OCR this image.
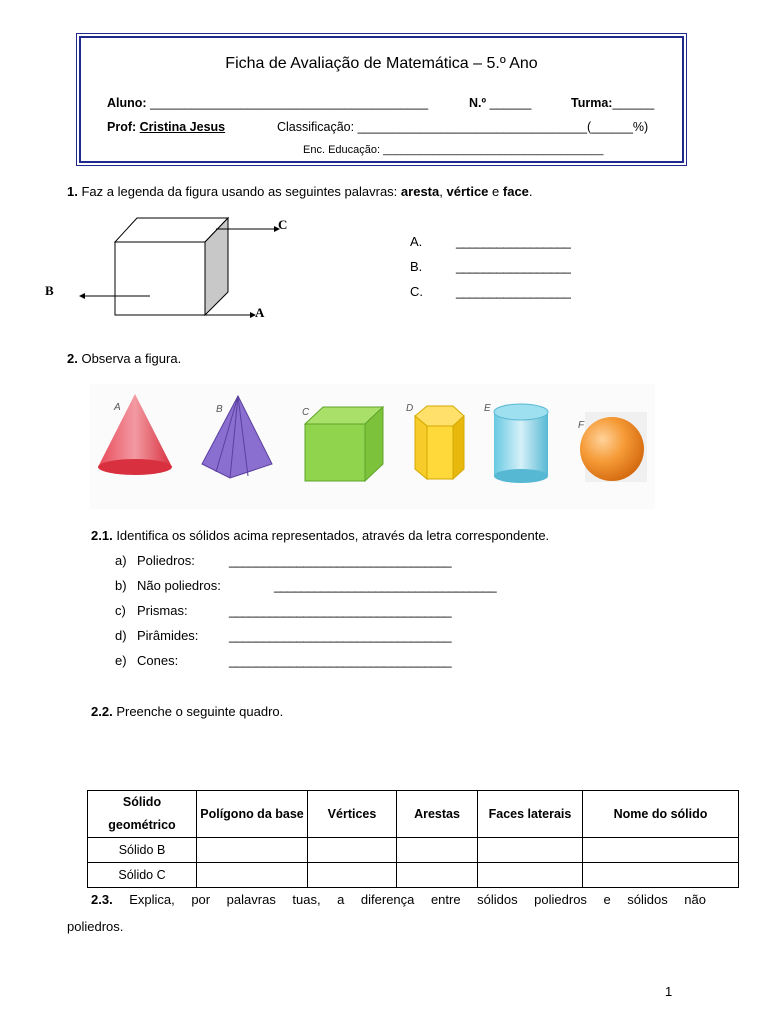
Ficha de Avaliação de Matemática – 5.º Ano
Aluno: ________________________________________	N.º ______	Turma:______
Prof: Cristina Jesus	Classificação: _________________________________(______%)
Enc. Educação: ____________________________________
1. Faz a legenda da figura usando as seguintes palavras: aresta, vértice e face.
C
B
A
A.	_________________
B.	_________________
C.	_________________
2. Observa a figura.
A	B	C	D	E
F
2.1. Identifica os sólidos acima representados, através da letra correspondente.
a) Poliedros:	_________________________________
b) Não poliedros:	_________________________________
c) Prismas:	_________________________________
d) Pirâmides: _________________________________
e) Cones:	_________________________________
2.2. Preenche o seguinte quadro.
Sólido geométrico	Polígono da base	Vértices	Arestas	Faces laterais	Nome do sólido
Sólido B					
Sólido C					
2.3. Explica, por palavras tuas, a diferença entre sólidos poliedros e sólidos não
poliedros.
1
